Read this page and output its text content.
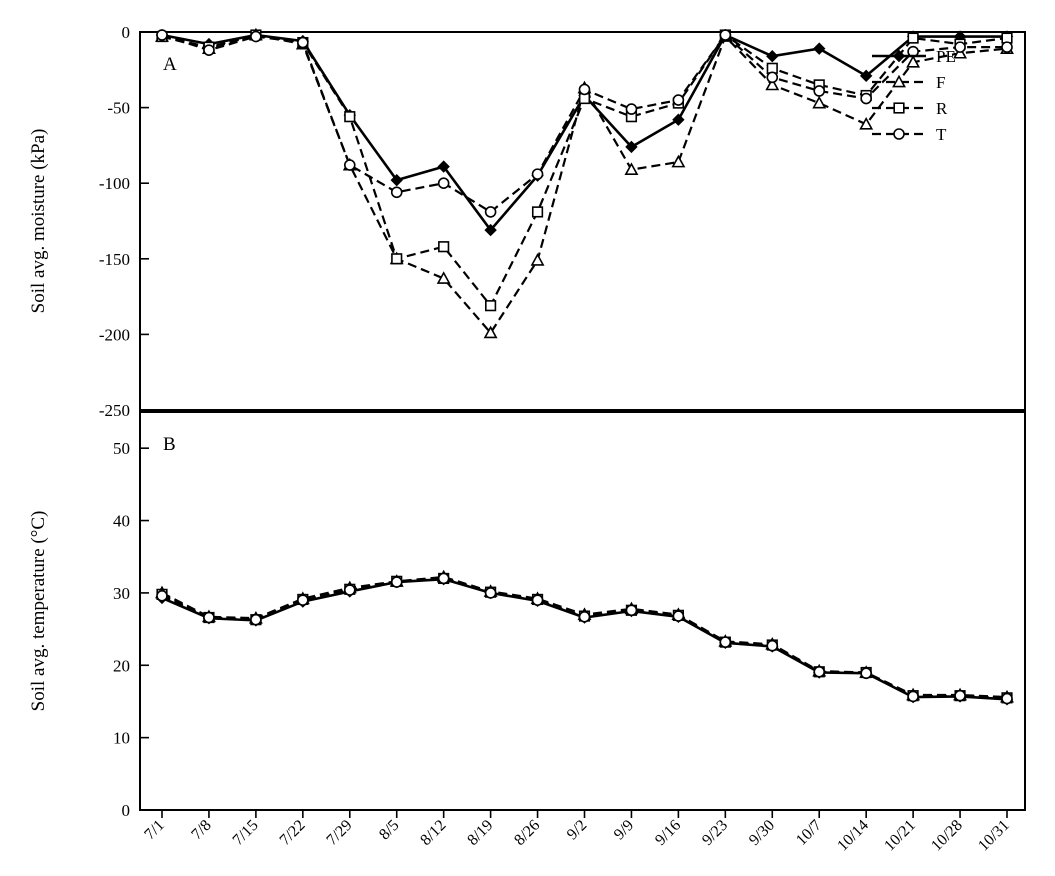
0
-50
-100
-150
-200
-250
0
10
20
30
40
50
7/1 7/8 7/15 7/22 7/29 8/5 8/12 8/19 8/26 9/2 9/9 9/16 9/23 9/30 10/7 10/14 10/21 10/28 10/31
Soil avg. moisture (kPa)
Soil avg. temperature (°C)
A
B
PE
F
R
T
